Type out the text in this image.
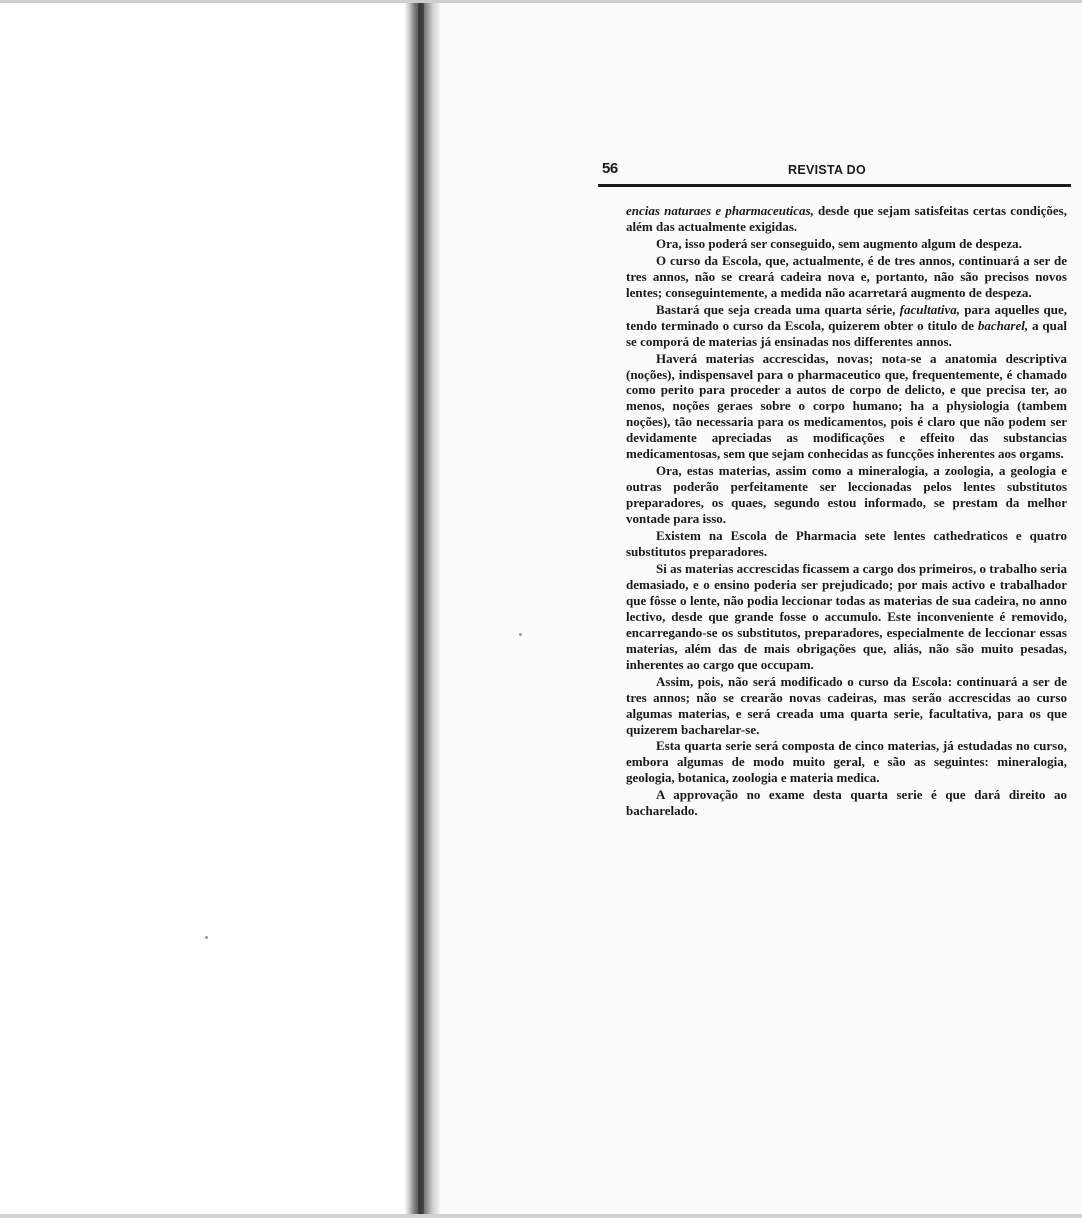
56	REVISTA DO

encias naturaes e pharmaceuticas, desde que sejam satisfeitas certas condições, além das actualmente exigidas.

Ora, isso poderá ser conseguido, sem augmento algum de despeza.

O curso da Escola, que, actualmente, é de tres annos, continuará a ser de tres annos, não se creará cadeira nova e, portanto, não são precisos novos lentes; conseguintemente, a medida não acarretará augmento de despeza.

Bastará que seja creada uma quarta série, facultativa, para aquelles que, tendo terminado o curso da Escola, quizerem obter o titulo de bacharel, a qual se comporá de materias já ensinadas nos differentes annos.

Haverá materias accrescidas, novas; nota-se a anatomia descriptiva (noções), indispensavel para o pharmaceutico que, frequentemente, é chamado como perito para proceder a autos de corpo de delicto, e que precisa ter, ao menos, noções geraes sobre o corpo humano; ha a physiologia (tambem noções), tão necessaria para os medicamentos, pois é claro que não podem ser devidamente apreciadas as modificações e effeito das substancias medicamentosas, sem que sejam conhecidas as funcções inherentes aos orgams.

Ora, estas materias, assim como a mineralogia, a zoologia, a geologia e outras poderão perfeitamente ser leccionadas pelos lentes substitutos preparadores, os quaes, segundo estou informado, se prestam da melhor vontade para isso.

Existem na Escola de Pharmacia sete lentes cathedraticos e quatro substitutos preparadores.

Si as materias accrescidas ficassem a cargo dos primeiros, o trabalho seria demasiado, e o ensino poderia ser prejudicado; por mais activo e trabalhador que fôsse o lente, não podia leccionar todas as materias de sua cadeira, no anno lectivo, desde que grande fosse o accumulo. Este inconveniente é removido, encarregando-se os substitutos, preparadores, especialmente de leccionar essas materias, além das de mais obrigações que, aliás, não são muito pesadas, inherentes ao cargo que occupam.

Assim, pois, não será modificado o curso da Escola: continuará a ser de tres annos; não se crearão novas cadeiras, mas serão accrescidas ao curso algumas materias, e será creada uma quarta serie, facultativa, para os que quizerem bacharelar-se.

Esta quarta serie será composta de cinco materias, já estudadas no curso, embora algumas de modo muito geral, e são as seguintes: mineralogia, geologia, botanica, zoologia e materia medica.

A approvação no exame desta quarta serie é que dará direito ao bacharelado.
